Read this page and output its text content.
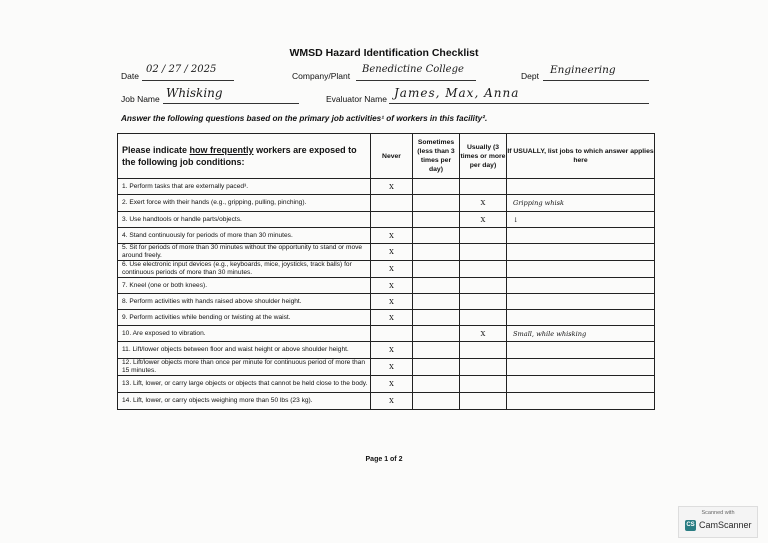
WMSD Hazard Identification Checklist
Date
02 / 27 / 2025
Company/Plant
Benedictine College
Dept Engineering
Job Name Whisking	Evaluator Name James, Max, Anna
Answer the following questions based on the primary job activities¹ of workers in this facility².
Please indicate how frequently workers are exposed to the following job conditions:	Never	Sometimes (less than 3 times per day)	Usually (3 times or more per day)	If USUALLY, list jobs to which answer applies here
1. Perform tasks that are externally paced³.	X			
2. Exert force with their hands (e.g., gripping, pulling, pinching).			X	Gripping whisk
3. Use handtools or handle parts/objects.			X	↓
4. Stand continuously for periods of more than 30 minutes.	X			
5. Sit for periods of more than 30 minutes without the opportunity to stand or move around freely.	X			
6. Use electronic input devices (e.g., keyboards, mice, joysticks, track balls) for continuous periods of more than 30 minutes.	X			
7. Kneel (one or both knees).	X			
8. Perform activities with hands raised above shoulder height.	X			
9. Perform activities while bending or twisting at the waist.	X			
10. Are exposed to vibration.			X	Small, while whisking
11. Lift/lower objects between floor and waist height or above shoulder height.	X			
12. Lift/lower objects more than once per minute for continuous period of more than 15 minutes.	X			
13. Lift, lower, or carry large objects or objects that cannot be held close to the body.	X			
14. Lift, lower, or carry objects weighing more than 50 lbs (23 kg).	X			
Page 1 of 2
Scanned with
CS CamScanner
